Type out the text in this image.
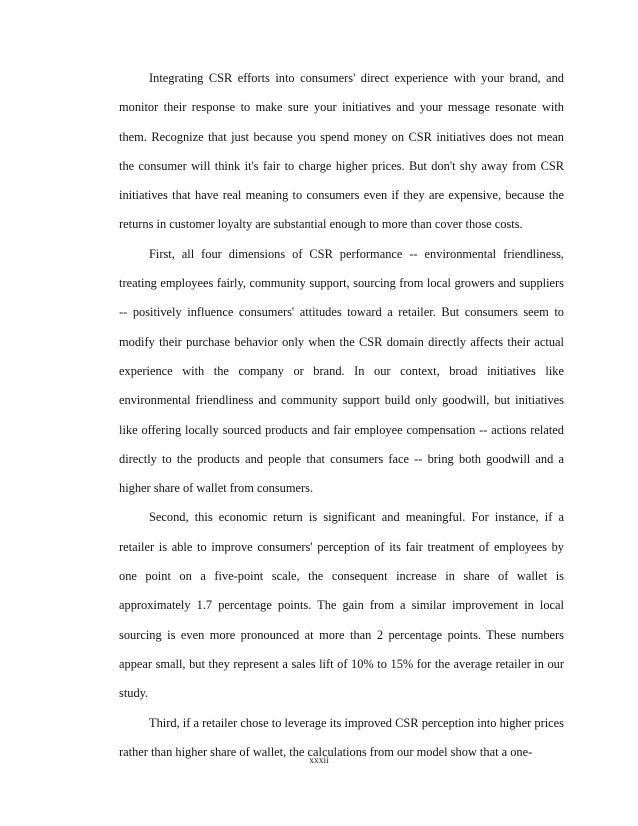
Integrating CSR efforts into consumers' direct experience with your brand, and monitor their response to make sure your initiatives and your message resonate with them. Recognize that just because you spend money on CSR initiatives does not mean the consumer will think it's fair to charge higher prices. But don't shy away from CSR initiatives that have real meaning to consumers even if they are expensive, because the returns in customer loyalty are substantial enough to more than cover those costs.

First, all four dimensions of CSR performance -- environmental friendliness, treating employees fairly, community support, sourcing from local growers and suppliers -- positively influence consumers' attitudes toward a retailer. But consumers seem to modify their purchase behavior only when the CSR domain directly affects their actual experience with the company or brand. In our context, broad initiatives like environmental friendliness and community support build only goodwill, but initiatives like offering locally sourced products and fair employee compensation -- actions related directly to the products and people that consumers face -- bring both goodwill and a higher share of wallet from consumers.

Second, this economic return is significant and meaningful. For instance, if a retailer is able to improve consumers' perception of its fair treatment of employees by one point on a five-point scale, the consequent increase in share of wallet is approximately 1.7 percentage points. The gain from a similar improvement in local sourcing is even more pronounced at more than 2 percentage points. These numbers appear small, but they represent a sales lift of 10% to 15% for the average retailer in our study.

Third, if a retailer chose to leverage its improved CSR perception into higher prices rather than higher share of wallet, the calculations from our model show that a one-

xxxii
